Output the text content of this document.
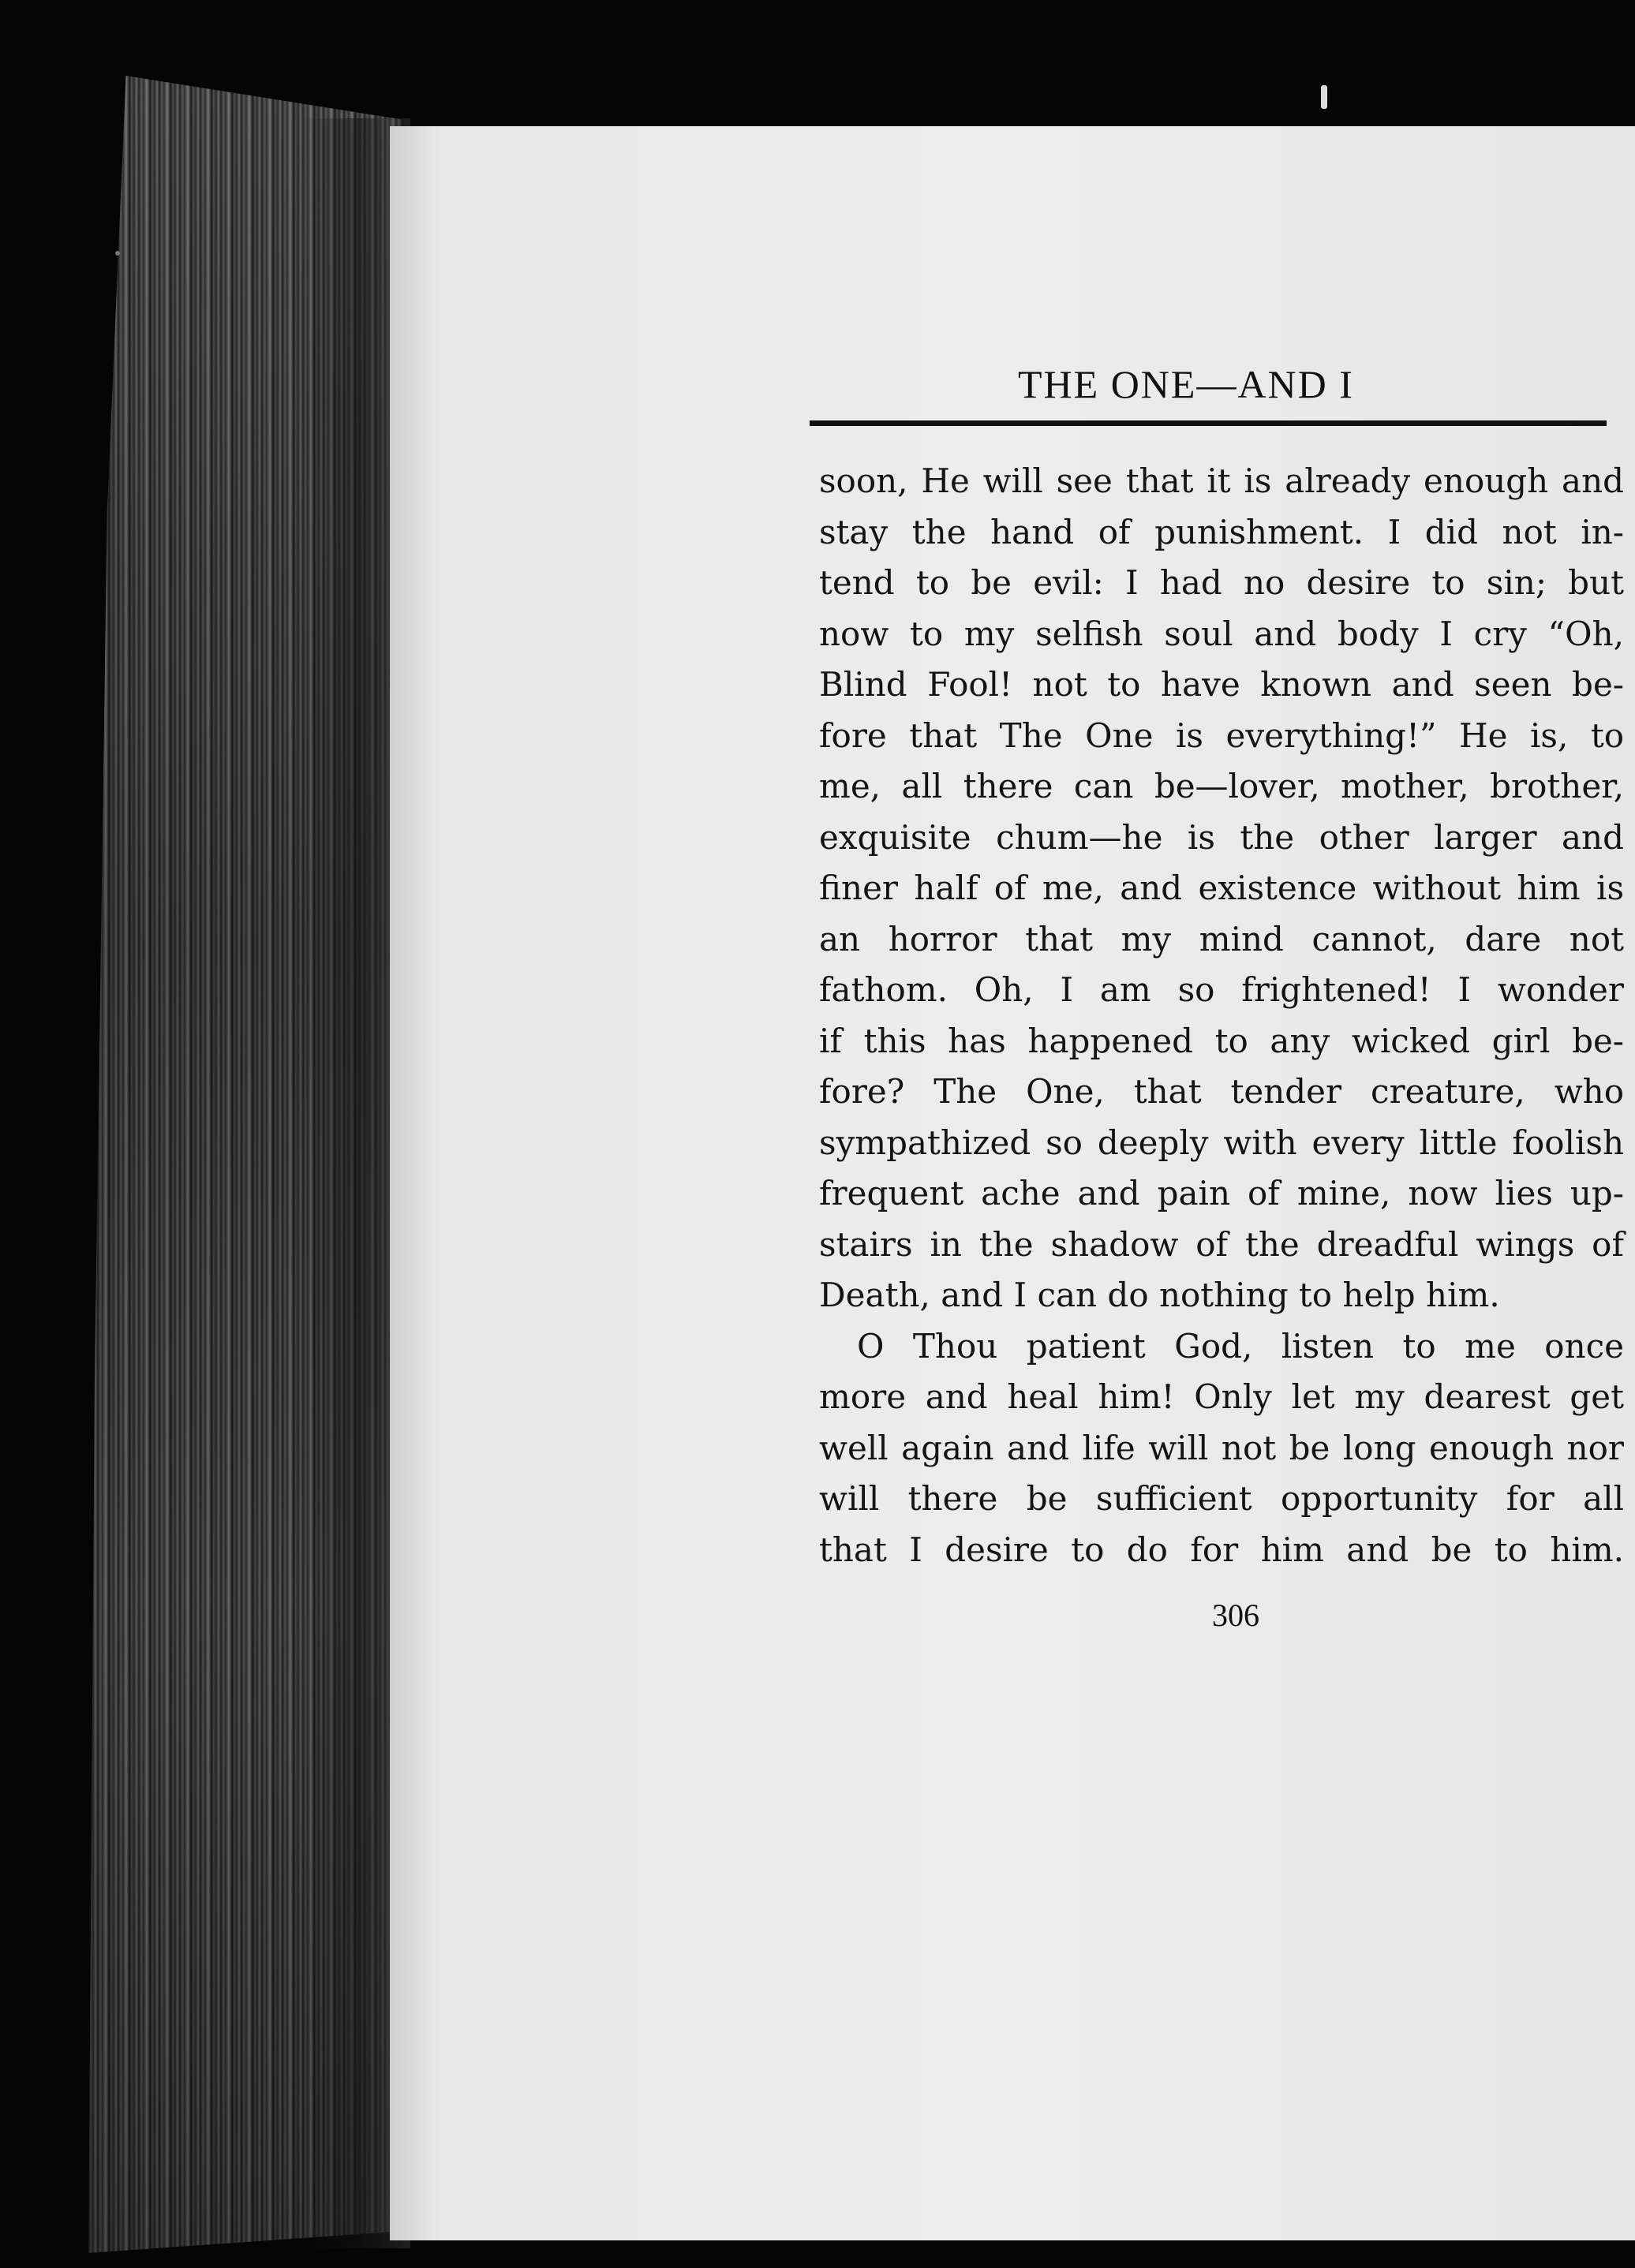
THE ONE—AND I
soon, He will see that it is already enough and
stay the hand of punishment. I did not in-
tend to be evil: I had no desire to sin; but
now to my selfish soul and body I cry “Oh,
Blind Fool! not to have known and seen be-
fore that The One is everything!” He is, to
me, all there can be—lover, mother, brother,
exquisite chum—he is the other larger and
finer half of me, and existence without him is
an horror that my mind cannot, dare not
fathom. Oh, I am so frightened! I wonder
if this has happened to any wicked girl be-
fore? The One, that tender creature, who
sympathized so deeply with every little foolish
frequent ache and pain of mine, now lies up-
stairs in the shadow of the dreadful wings of
Death, and I can do nothing to help him.
O Thou patient God, listen to me once
more and heal him! Only let my dearest get
well again and life will not be long enough nor
will there be sufficient opportunity for all
that I desire to do for him and be to him.
306
